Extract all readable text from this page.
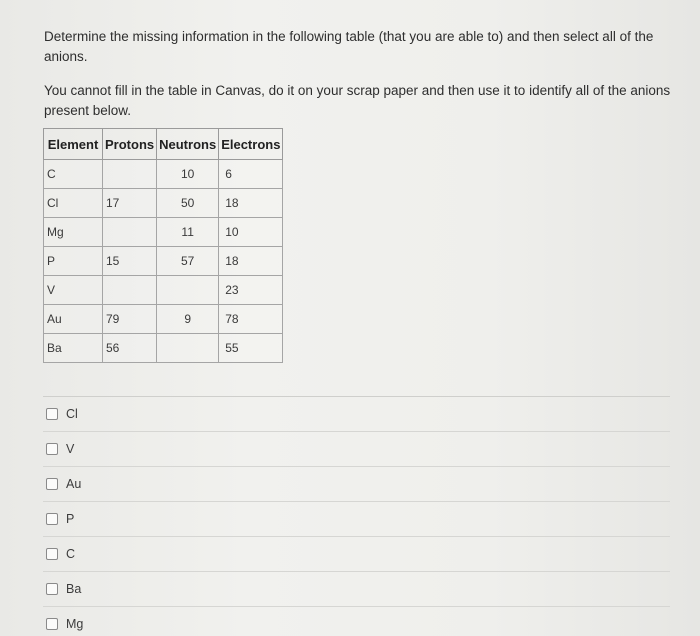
Determine the missing information in the following table (that you are able to) and then select all of the anions.

You cannot fill in the table in Canvas, do it on your scrap paper and then use it to identify all of the anions present below.

Element	Protons	Neutrons	Electrons
C		10	6
Cl	17	50	18
Mg		11	10
P	15	57	18
V			23
Au	79	9	78
Ba	56		55
Cl
V
Au
P
C
Ba
Mg
